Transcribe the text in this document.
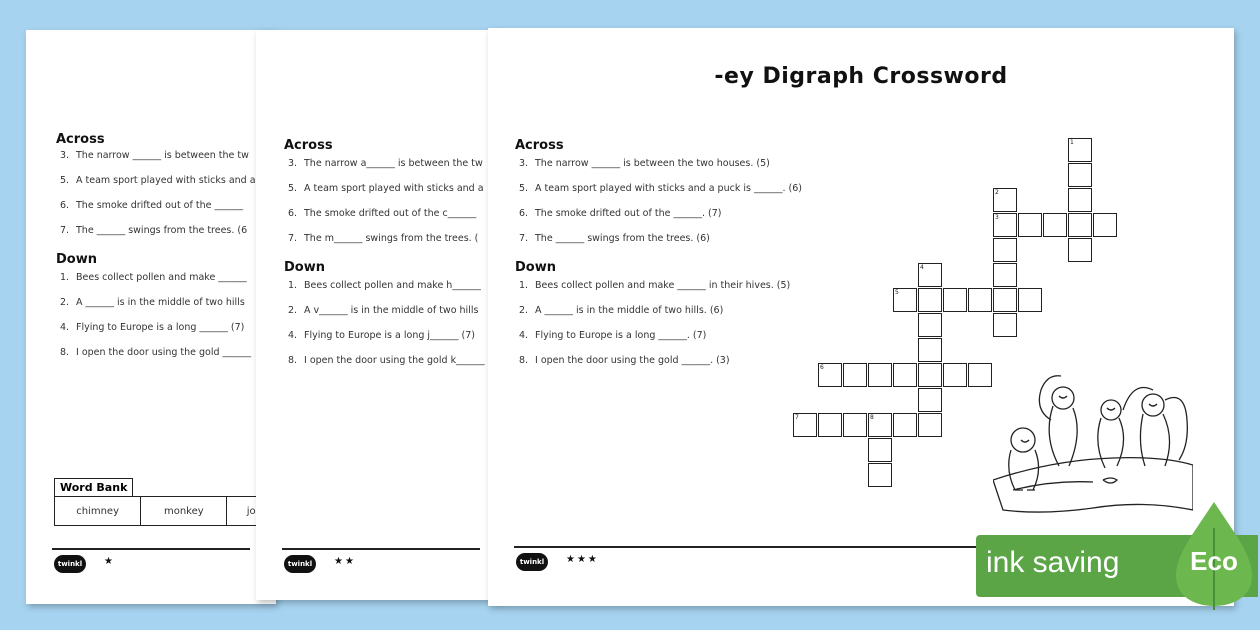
Across
3. The narrow ______ is between the tw
5. A team sport played with sticks and a
6. The smoke drifted out of the ______
7. The ______ swings from the trees. (6
Down
1. Bees collect pollen and make ______
2. A ______ is in the middle of two hills
4. Flying to Europe is a long ______ (7)
8. I open the door using the gold ______
Word Bank
chimney	monkey	jo
twinkl	★
Across
3. The narrow a______ is between the tw
5. A team sport played with sticks and a
6. The smoke drifted out of the c______
7. The m______ swings from the trees. (
Down
1. Bees collect pollen and make h______
2. A v______ is in the middle of two hills
4. Flying to Europe is a long j______ (7)
8. I open the door using the gold k______
twinkl	★★
-ey Digraph Crossword
Across
3. The narrow ______ is between the two houses. (5)
5. A team sport played with sticks and a puck is ______. (6)
6. The smoke drifted out of the ______. (7)
7. The ______ swings from the trees. (6)
Down
1. Bees collect pollen and make ______ in their hives. (5)
2. A ______ is in the middle of two hills. (6)
4. Flying to Europe is a long ______. (7)
8. I open the door using the gold ______. (3)
1
2
3
4
5
6
7	8
twinkl	★★★	ink saving	Eco
